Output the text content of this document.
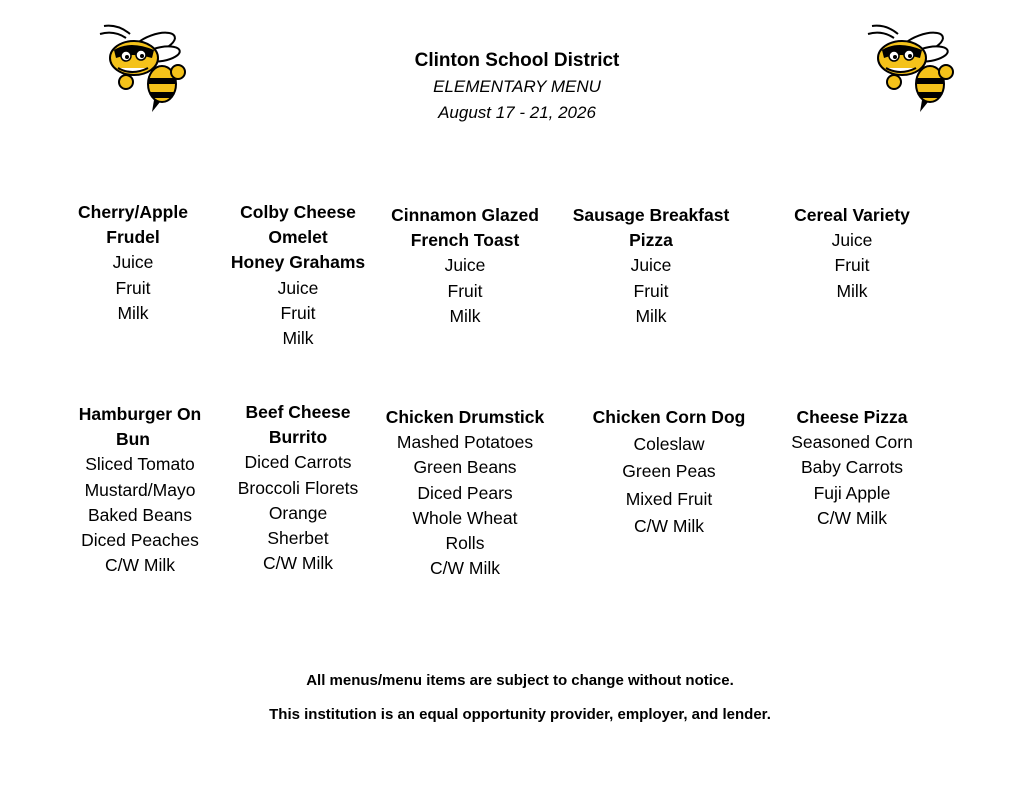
Clinton School District
ELEMENTARY MENU
August 17 - 21, 2026
Cherry/Apple
Frudel
Juice
Fruit
Milk
Colby Cheese
Omelet
Honey Grahams
Juice
Fruit
Milk
Cinnamon Glazed
French Toast
Juice
Fruit
Milk
Sausage Breakfast
Pizza
Juice
Fruit
Milk
Cereal Variety
Juice
Fruit
Milk
Hamburger On
Bun
Sliced Tomato
Mustard/Mayo
Baked Beans
Diced Peaches
C/W Milk
Beef Cheese
Burrito
Diced Carrots
Broccoli Florets
Orange
Sherbet
C/W Milk
Chicken Drumstick
Mashed Potatoes
Green Beans
Diced Pears
Whole Wheat
Rolls
C/W Milk
Chicken Corn Dog
Coleslaw
Green Peas
Mixed Fruit
C/W Milk
Cheese Pizza
Seasoned Corn
Baby Carrots
Fuji Apple
C/W Milk
All menus/menu items are subject to change without notice.
This institution is an equal opportunity provider, employer, and lender.
